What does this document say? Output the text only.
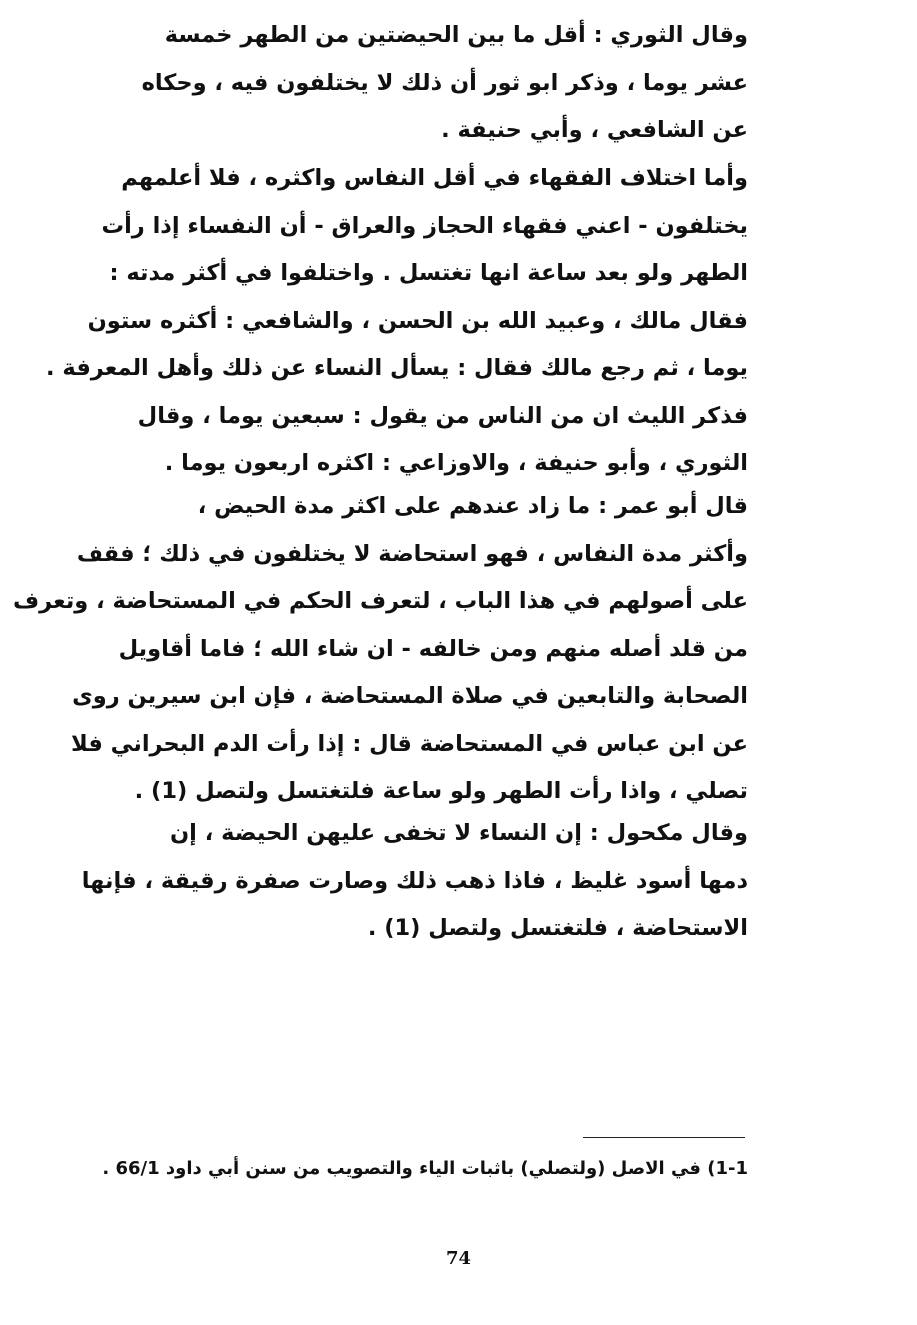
وقال الثوري : أقل ما بين الحيضتين من الطهر خمسة
عشر يوما ، وذكر ابو ثور أن ذلك لا يختلفون فيه ، وحكاه
عن الشافعي ، وأبي حنيفة .

وأما اختلاف الفقهاء في أقل النفاس واكثره ، فلا أعلمهم
يختلفون - اعني فقهاء الحجاز والعراق - أن النفساء إذا رأت
الطهر ولو بعد ساعة انها تغتسل . واختلفوا في أكثر مدته :
فقال مالك ، وعبيد الله بن الحسن ، والشافعي : أكثره ستون
يوما ، ثم رجع مالك فقال : يسأل النساء عن ذلك وأهل المعرفة .
فذكر الليث ان من الناس من يقول : سبعين يوما ، وقال
الثوري ، وأبو حنيفة ، والاوزاعي : اكثره اربعون يوما .

قال أبو عمر : ما زاد عندهم على اكثر مدة الحيض ،
وأكثر مدة النفاس ، فهو استحاضة لا يختلفون في ذلك ؛ فقف
على أصولهم في هذا الباب ، لتعرف الحكم في المستحاضة ، وتعرف
من قلد أصله منهم ومن خالفه - ان شاء الله ؛ فاما أقاويل
الصحابة والتابعين في صلاة المستحاضة ، فإن ابن سيرين روى
عن ابن عباس في المستحاضة قال : إذا رأت الدم البحراني فلا
تصلي ، واذا رأت الطهر ولو ساعة فلتغتسل ولتصل (1) .

وقال مكحول : إن النساء لا تخفى عليهن الحيضة ، إن
دمها أسود غليظ ، فاذا ذهب ذلك وصارت صفرة رقيقة ، فإنها
الاستحاضة ، فلتغتسل ولتصل (1) .

1-1) في الاصل (ولتصلي) باثبات الياء والتصويب من سنن أبي داود 66/1 .

74
